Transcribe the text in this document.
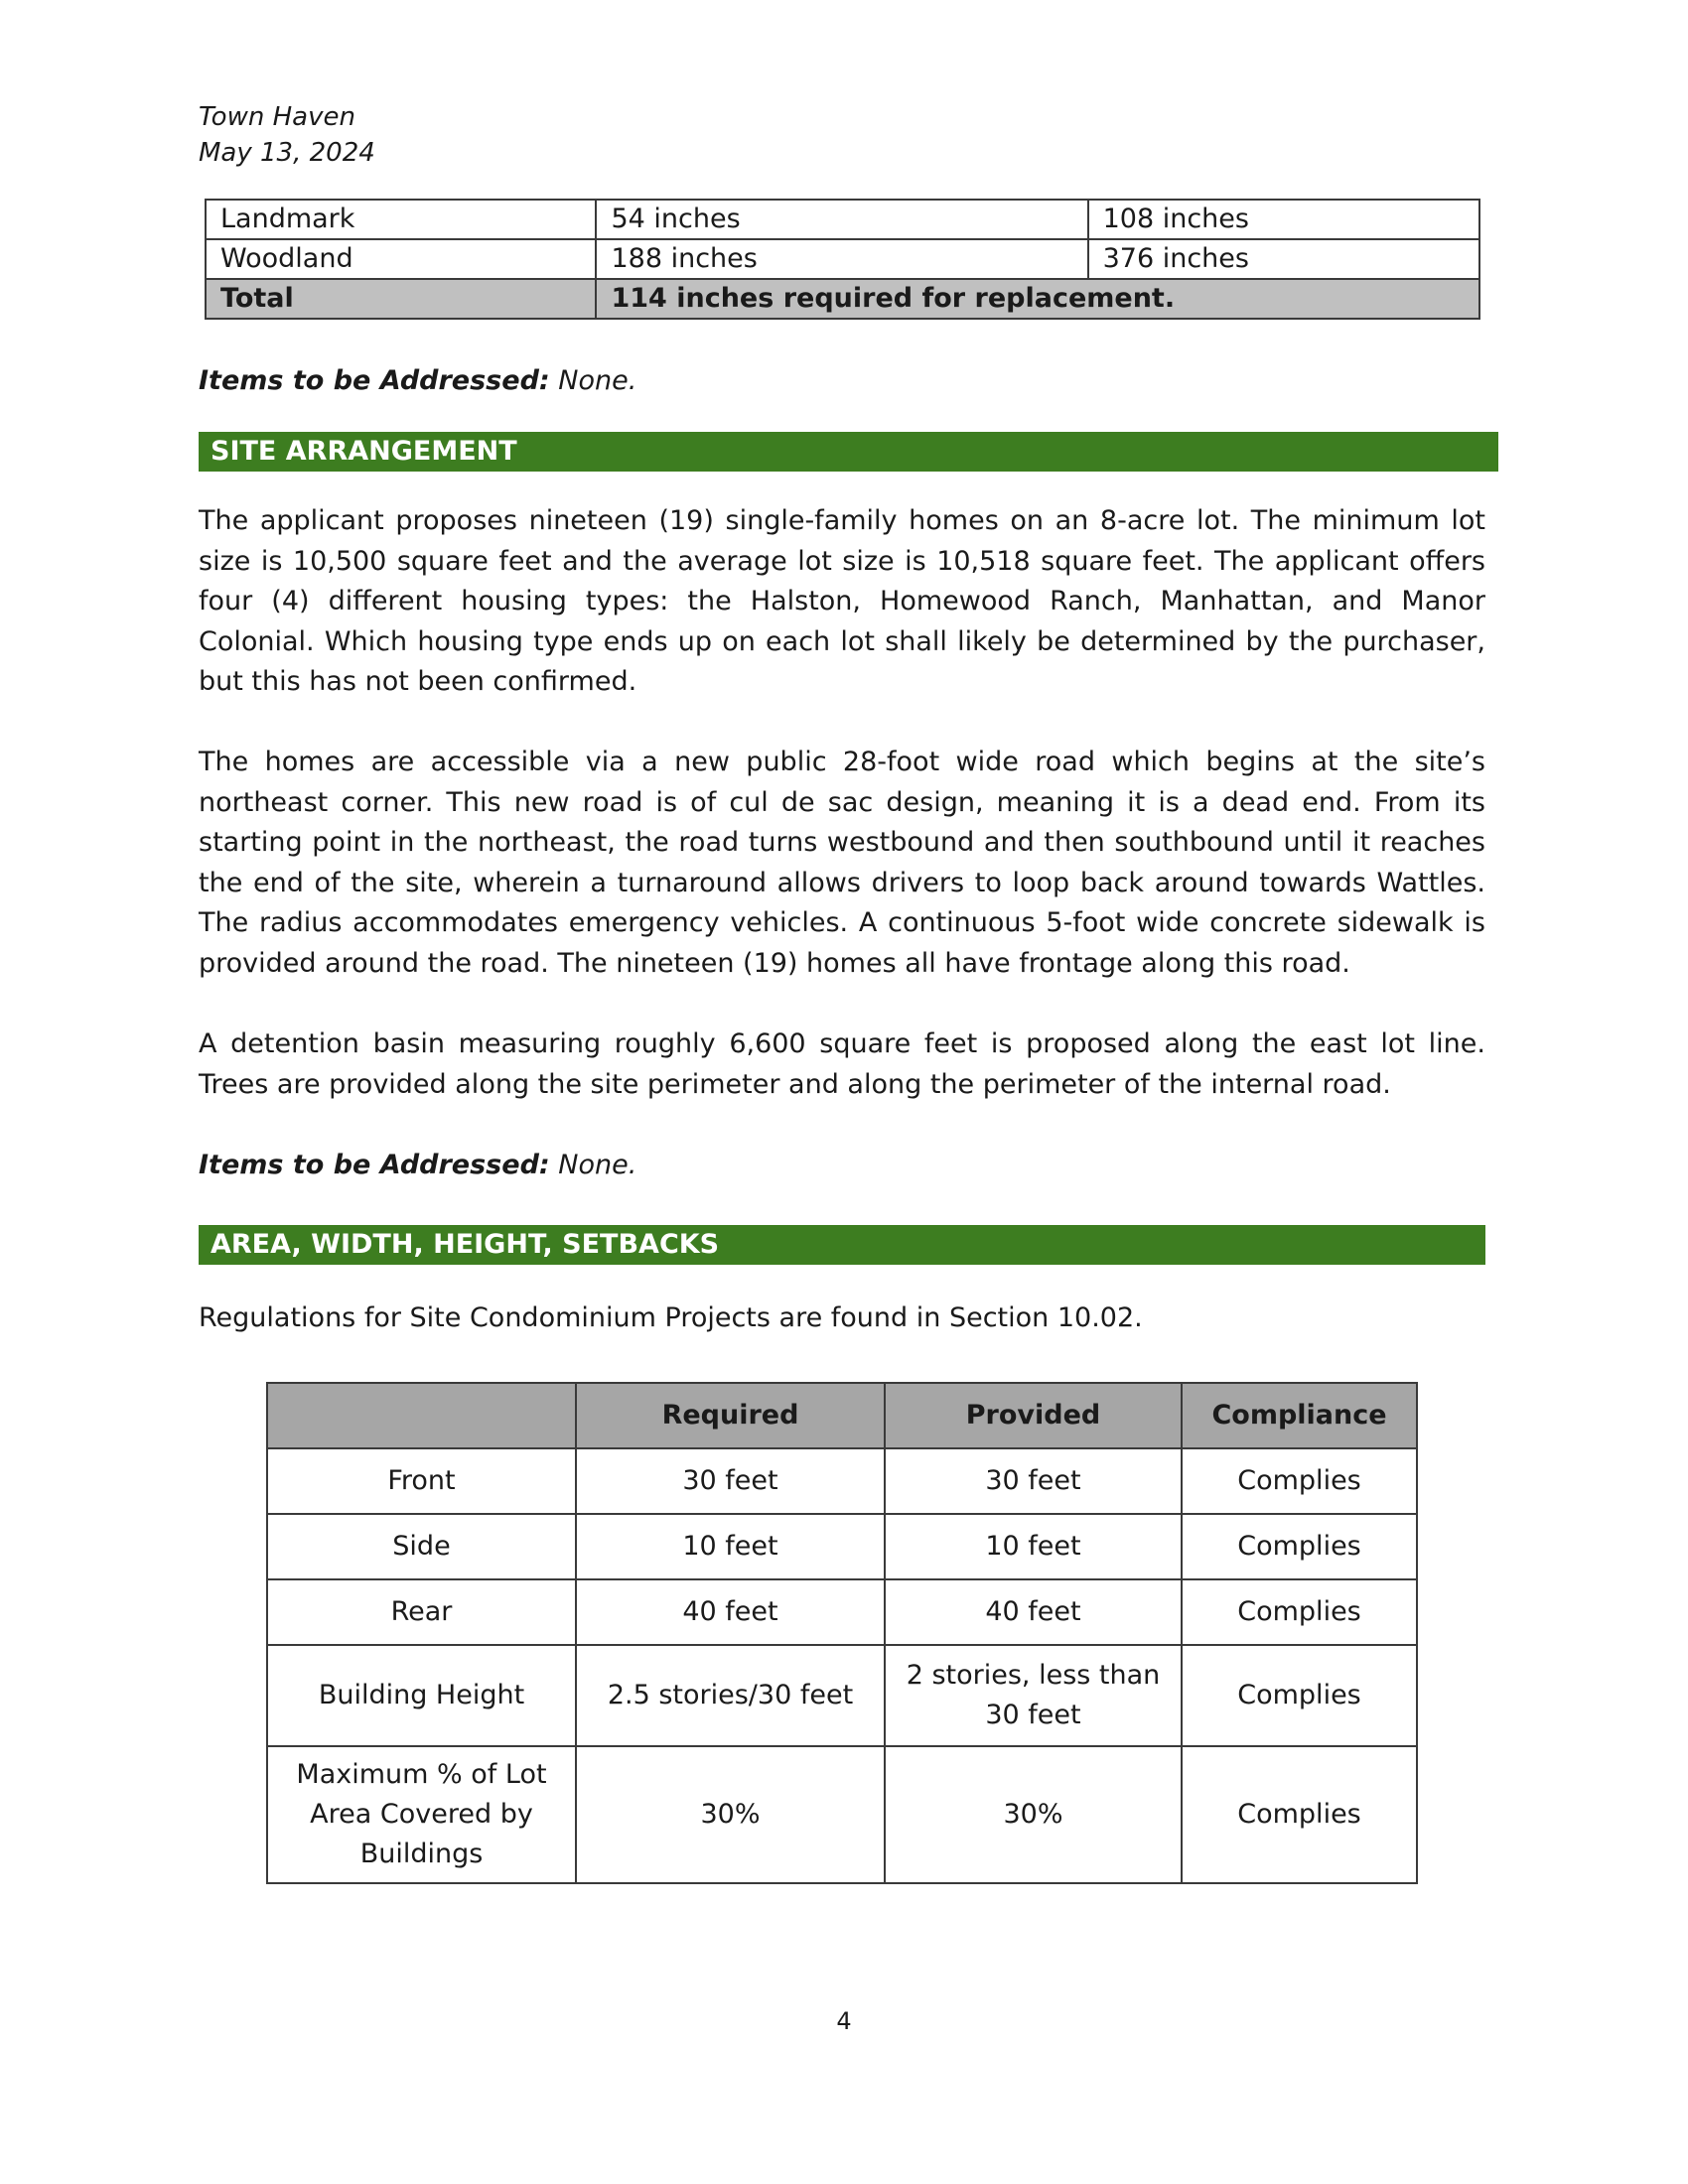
Town Haven
May 13, 2024
Landmark	54 inches	108 inches
Woodland	188 inches	376 inches
Total	114 inches required for replacement.	
Items to be Addressed: None.
SITE ARRANGEMENT

The applicant proposes nineteen (19) single-family homes on an 8-acre lot. The minimum lot size is 10,500 square feet and the average lot size is 10,518 square feet. The applicant offers four (4) different housing types: the Halston, Homewood Ranch, Manhattan, and Manor Colonial. Which housing type ends up on each lot shall likely be determined by the purchaser, but this has not been confirmed.

The homes are accessible via a new public 28-foot wide road which begins at the site’s northeast corner. This new road is of cul de sac design, meaning it is a dead end. From its starting point in the northeast, the road turns westbound and then southbound until it reaches the end of the site, wherein a turnaround allows drivers to loop back around towards Wattles. The radius accommodates emergency vehicles. A continuous 5-foot wide concrete sidewalk is provided around the road. The nineteen (19) homes all have frontage along this road.

A detention basin measuring roughly 6,600 square feet is proposed along the east lot line. Trees are provided along the site perimeter and along the perimeter of the internal road.

Items to be Addressed: None.
AREA, WIDTH, HEIGHT, SETBACKS
Regulations for Site Condominium Projects are found in Section 10.02.
	Required	Provided	Compliance
Front	30 feet	30 feet	Complies
Side	10 feet	10 feet	Complies
Rear	40 feet	40 feet	Complies
Building Height	2.5 stories/30 feet	2 stories, less than 30 feet	Complies
Maximum % of Lot Area Covered by Buildings	30%	30%	Complies
4
